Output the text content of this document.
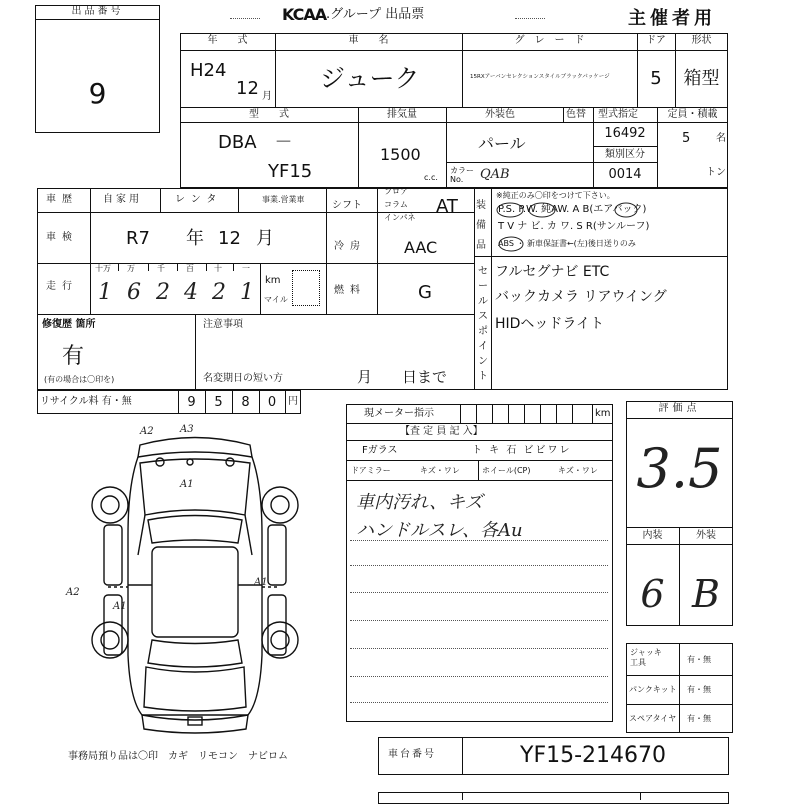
出品番号
9
KCAA .グループ 出品票	主催者用
年　　式
H24
12 月
車　　名
ジューク
グ　レ　ー　ド
15RXアーバンセレクションスタイルブラックパッケージ
ドア
5
形状
箱型
型　　式
DBA　－
YF15
排気量
1500
c.c.
外装色	色替
パール
カラー
No.	QAB
型式指定
16492
類別区分
0014
定員・積載
5	名
トン
車歴	自家用	レンタ	事業.営業車
シフト
フロア
コラム
インパネ
AT
車検	R7 年 12 月	冷房 AAC
走行
十万 万	千	百	十	一
1 6 2 4 2 1 km
マイル
燃料	G
修復歴 箇所
有
(有の場合は〇印を)
注意事項
名変期日の短い方	月 日まで
装備品
※純正のみ〇印をつけて下さい。
P.S. P.W. 純AW. A B(エアバック)
T V ナ ビ. カ ワ. S R(サンルーフ)
ABS ・ 新車保証書←(左)後日送りのみ
セールスポイント
フルセグナビ ETC
バックカメラ リアウイング
HIDヘッドライト
リサイクル料 有・無	9	5	8	0	円
A2	A3
A1
A1
A2
A1
現メーター指示	km
【査 定 員 記 入】
Fガラス	ト キ 石 ビビワレ
ドアミラー	キズ・ワレ	ホイール(CP)	キズ・ワレ
車内汚れ、キズ
ハンドルスレ、各Au
評価点
3.5
内装	外装
6 B
ジャッキ
工具	有・無
パンクキット 有・無
スペアタイヤ 有・無
事務局預り品は〇印　カギ　リモコン　ナビロム	車台番号	YF15-214670
